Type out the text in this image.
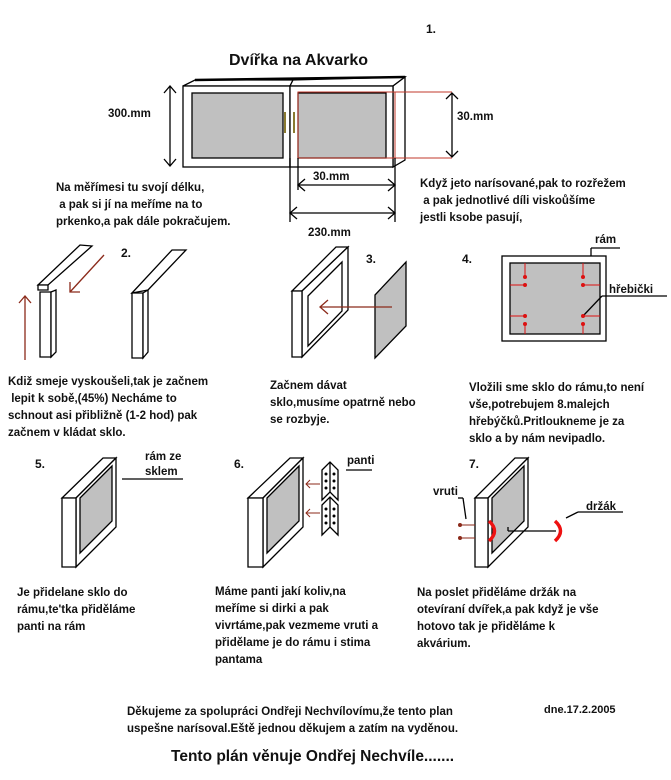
1.
Dvířka na Akvarko
300.mm	30.mm
30.mm
230.mm
Na měřímesi tu svojí délku,
a pak si jí na meříme na to
prkenko,a pak dále pokračujem.
Když jeto narísované,pak to rozřežem
a pak jednotlivé díli viskoůšíme
jestli ksobe pasují,
2.	3.	4.
rám
hřebički
Kdiž smeje vyskoušeli,tak je začnem
lepit k sobě,(45%) Necháme to
schnout asi přibližně (1-2 hod) pak
začnem v kládat sklo.
Začnem dávat
sklo,musíme opatrně nebo
se rozbyje.
Vložili sme sklo do rámu,to není
vše,potrebujem 8.malejch
hřebýčků.Pritloukneme je za
sklo a by nám nevipadlo.
5.	rám ze
sklem
6.	panti	7.
vruti
držák
Je přidelane sklo do
rámu,te'tka přiděláme
panti na rám
Máme panti jakí koliv,na
meříme si dirki a pak
vivrtáme,pak vezmeme vruti a
přidělame je do rámu i stima
pantama
Na poslet přiděláme držák na
otevíraní dvířek,a pak když je vše
hotovo tak je přiděláme k
akvárium.
Děkujeme za spolupráci Ondřeji Nechvílovímu,že tento plan
uspešne narísoval.Eště jednou děkujem a zatím na vyděnou.
dne.17.2.2005
Tento plán věnuje Ondřej Nechvíle.......
